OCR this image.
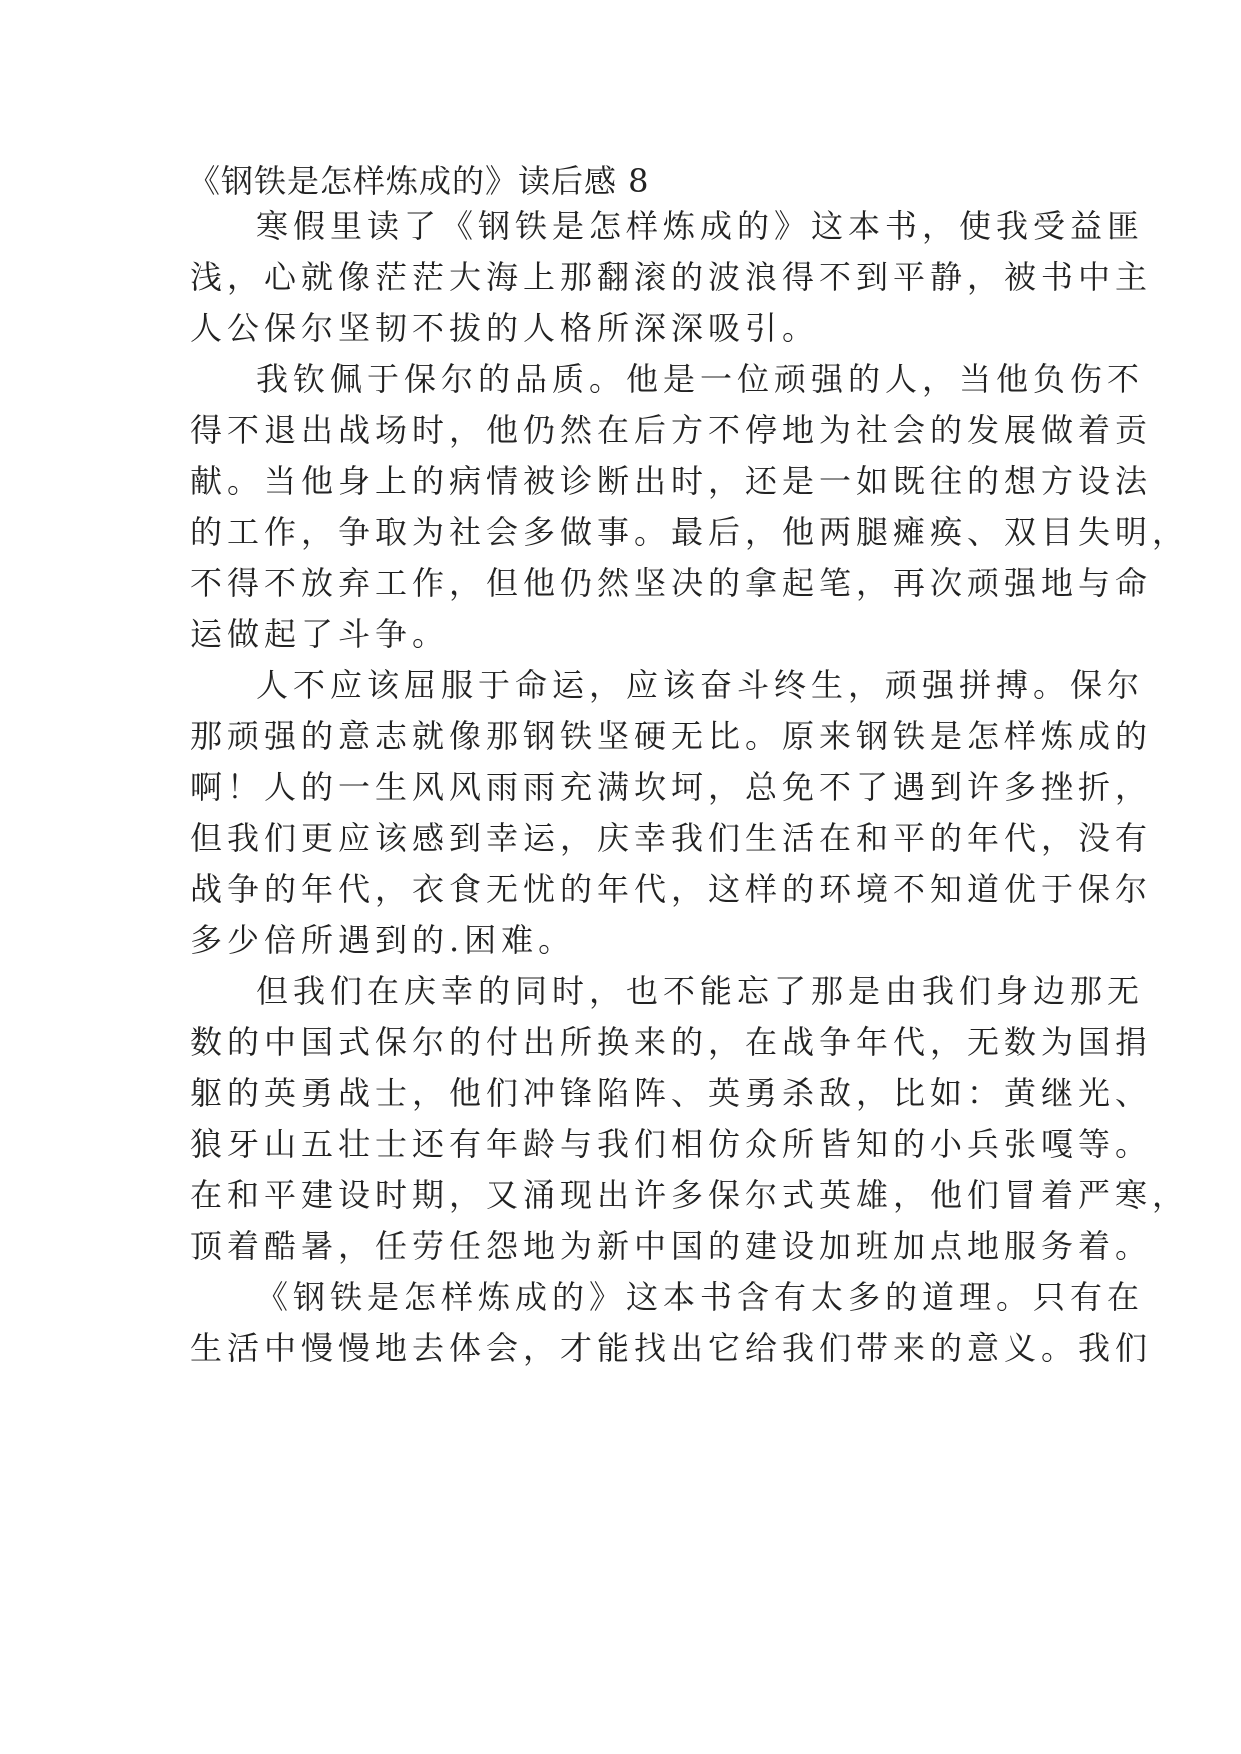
《钢铁是怎样炼成的》读后感 8
寒假里读了《钢铁是怎样炼成的》这本书，使我受益匪
浅，心就像茫茫大海上那翻滚的波浪得不到平静，被书中主
人公保尔坚韧不拔的人格所深深吸引。
我钦佩于保尔的品质。他是一位顽强的人，当他负伤不
得不退出战场时，他仍然在后方不停地为社会的发展做着贡
献。当他身上的病情被诊断出时，还是一如既往的想方设法
的工作，争取为社会多做事。最后，他两腿瘫痪、双目失明，
不得不放弃工作，但他仍然坚决的拿起笔，再次顽强地与命
运做起了斗争。
人不应该屈服于命运，应该奋斗终生，顽强拼搏。保尔
那顽强的意志就像那钢铁坚硬无比。原来钢铁是怎样炼成的
啊！人的一生风风雨雨充满坎坷，总免不了遇到许多挫折，
但我们更应该感到幸运，庆幸我们生活在和平的年代，没有
战争的年代，衣食无忧的年代，这样的环境不知道优于保尔
多少倍所遇到的.困难。
但我们在庆幸的同时，也不能忘了那是由我们身边那无
数的中国式保尔的付出所换来的，在战争年代，无数为国捐
躯的英勇战士，他们冲锋陷阵、英勇杀敌，比如：黄继光、
狼牙山五壮士还有年龄与我们相仿众所皆知的小兵张嘎等。
在和平建设时期，又涌现出许多保尔式英雄，他们冒着严寒，
顶着酷暑，任劳任怨地为新中国的建设加班加点地服务着。
《钢铁是怎样炼成的》这本书含有太多的道理。只有在
生活中慢慢地去体会，才能找出它给我们带来的意义。我们
